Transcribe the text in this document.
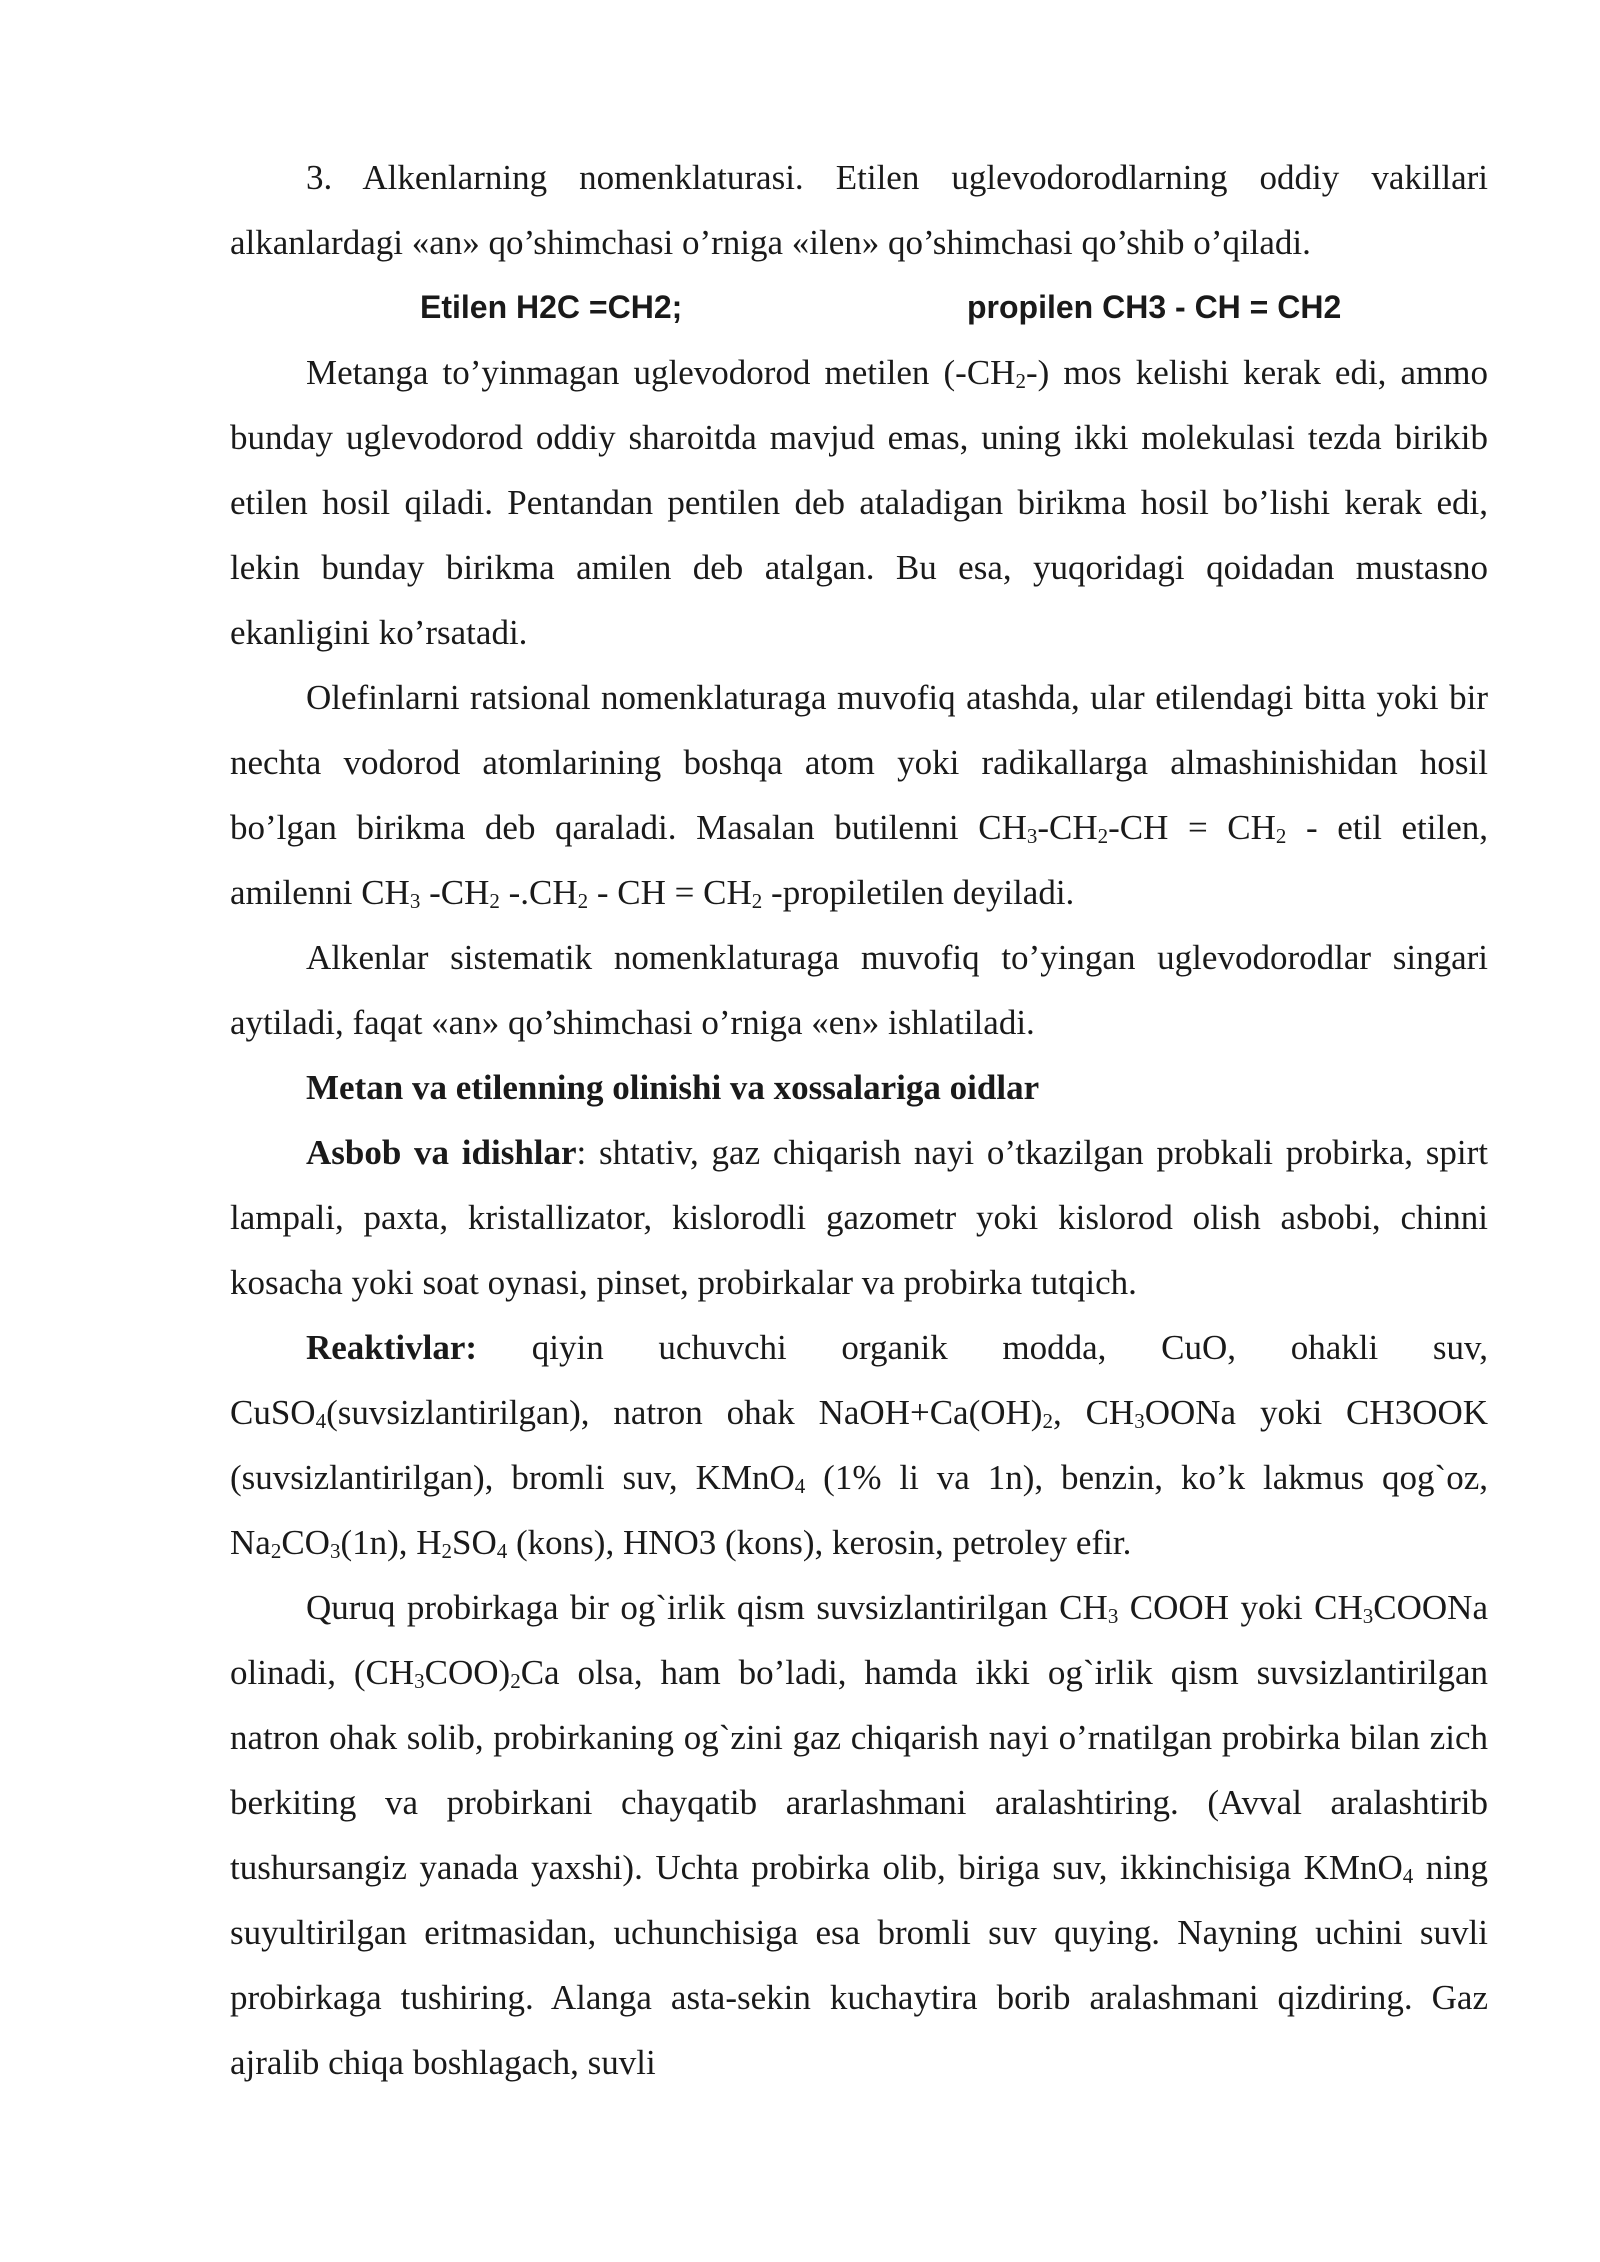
3. Alkenlarning nomenklaturasi. Etilen uglevodorodlarning oddiy vakillari alkanlardagi «an» qo’shimchasi o’rniga «ilen» qo’shimchasi qo’shib o’qiladi.

Etilen H2C =CH2;	propilen CH3 - CH = CH2

Metanga to’yinmagan uglevodorod metilen $(-CH_2-)$ mos kelishi kerak edi, ammo bunday uglevodorod oddiy sharoitda mavjud emas, uning ikki molekulasi tezda birikib etilen hosil qiladi. Pentandan pentilen deb ataladigan birikma hosil bo’lishi kerak edi, lekin bunday birikma amilen deb atalgan. Bu esa, yuqoridagi qoidadan mustasno ekanligini ko’rsatadi.

Olefinlarni ratsional nomenklaturaga muvofiq atashda, ular etilendagi bitta yoki bir nechta vodorod atomlarining boshqa atom yoki radikallarga almashinishidan hosil bo’lgan birikma deb qaraladi. Masalan butilenni $CH_3-CH_2-CH = CH_2$ - etil etilen, amilenni $CH_3$ $-CH_2$ $-.CH_2$ - CH = $CH_2$ -propiletilen deyiladi.

Alkenlar sistematik nomenklaturaga muvofiq to’yingan uglevodorodlar singari aytiladi, faqat «an» qo’shimchasi o’rniga «en» ishlatiladi.

Metan va etilenning olinishi va xossalariga oidlar

Asbob va idishlar: shtativ, gaz chiqarish nayi o’tkazilgan probkali probirka, spirt lampali, paxta, kristallizator, kislorodli gazometr yoki kislorod olish asbobi, chinni kosacha yoki soat oynasi, pinset, probirkalar va probirka tutqich.

Reaktivlar: qiyin uchuvchi organik modda, CuO, ohakli suv, CuSO$_4$(suvsizlantirilgan), natron ohak $NaOH+Ca(OH)_2$, $CH_3OONa$ yoki CH3OOK (suvsizlantirilgan), bromli suv, KMnO$_4$ (1% li va 1n), benzin, ko’k lakmus qog`oz, $Na_2CO_3(1n)$, $H_2SO_4$ (kons), HNO3 (kons), kerosin, petroley efir.

Quruq probirkaga bir og`irlik qism suvsizlantirilgan $CH_3$ COOH yoki $CH_3COONa$ olinadi, $(CH_3COO)_2Ca$ olsa, ham bo’ladi, hamda ikki og`irlik qism suvsizlantirilgan natron ohak solib, probirkaning og`zini gaz chiqarish nayi o’rnatilgan probirka bilan zich berkiting va probirkani chayqatib ararlashmani aralashtiring. (Avval aralashtirib tushursangiz yanada yaxshi). Uchta probirka olib, biriga suv, ikkinchisiga KMnO$_4$ ning suyultirilgan eritmasidan, uchunchisiga esa bromli suv quying. Nayning uchini suvli probirkaga tushiring. Alanga asta-sekin kuchaytira borib aralashmani qizdiring. Gaz ajralib chiqa boshlagach, suvli
